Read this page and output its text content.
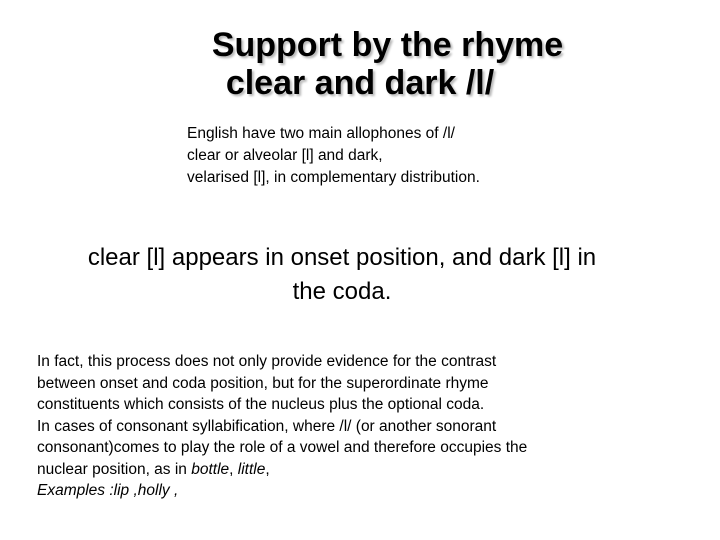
Support by the rhyme
clear and dark /l/
English have two main allophones of /l/
clear or alveolar [l] and dark,
velarised [l], in complementary distribution.
clear [l] appears in onset position, and dark [l] in
the coda.
In fact, this process does not only provide evidence for the contrast
between onset and coda position, but for the superordinate rhyme
constituents which consists of the nucleus plus the optional coda.
In cases of consonant syllabification, where /l/ (or another sonorant
consonant)comes to play the role of a vowel and therefore occupies the
nuclear position, as in bottle, little,
Examples :lip ,holly ,
